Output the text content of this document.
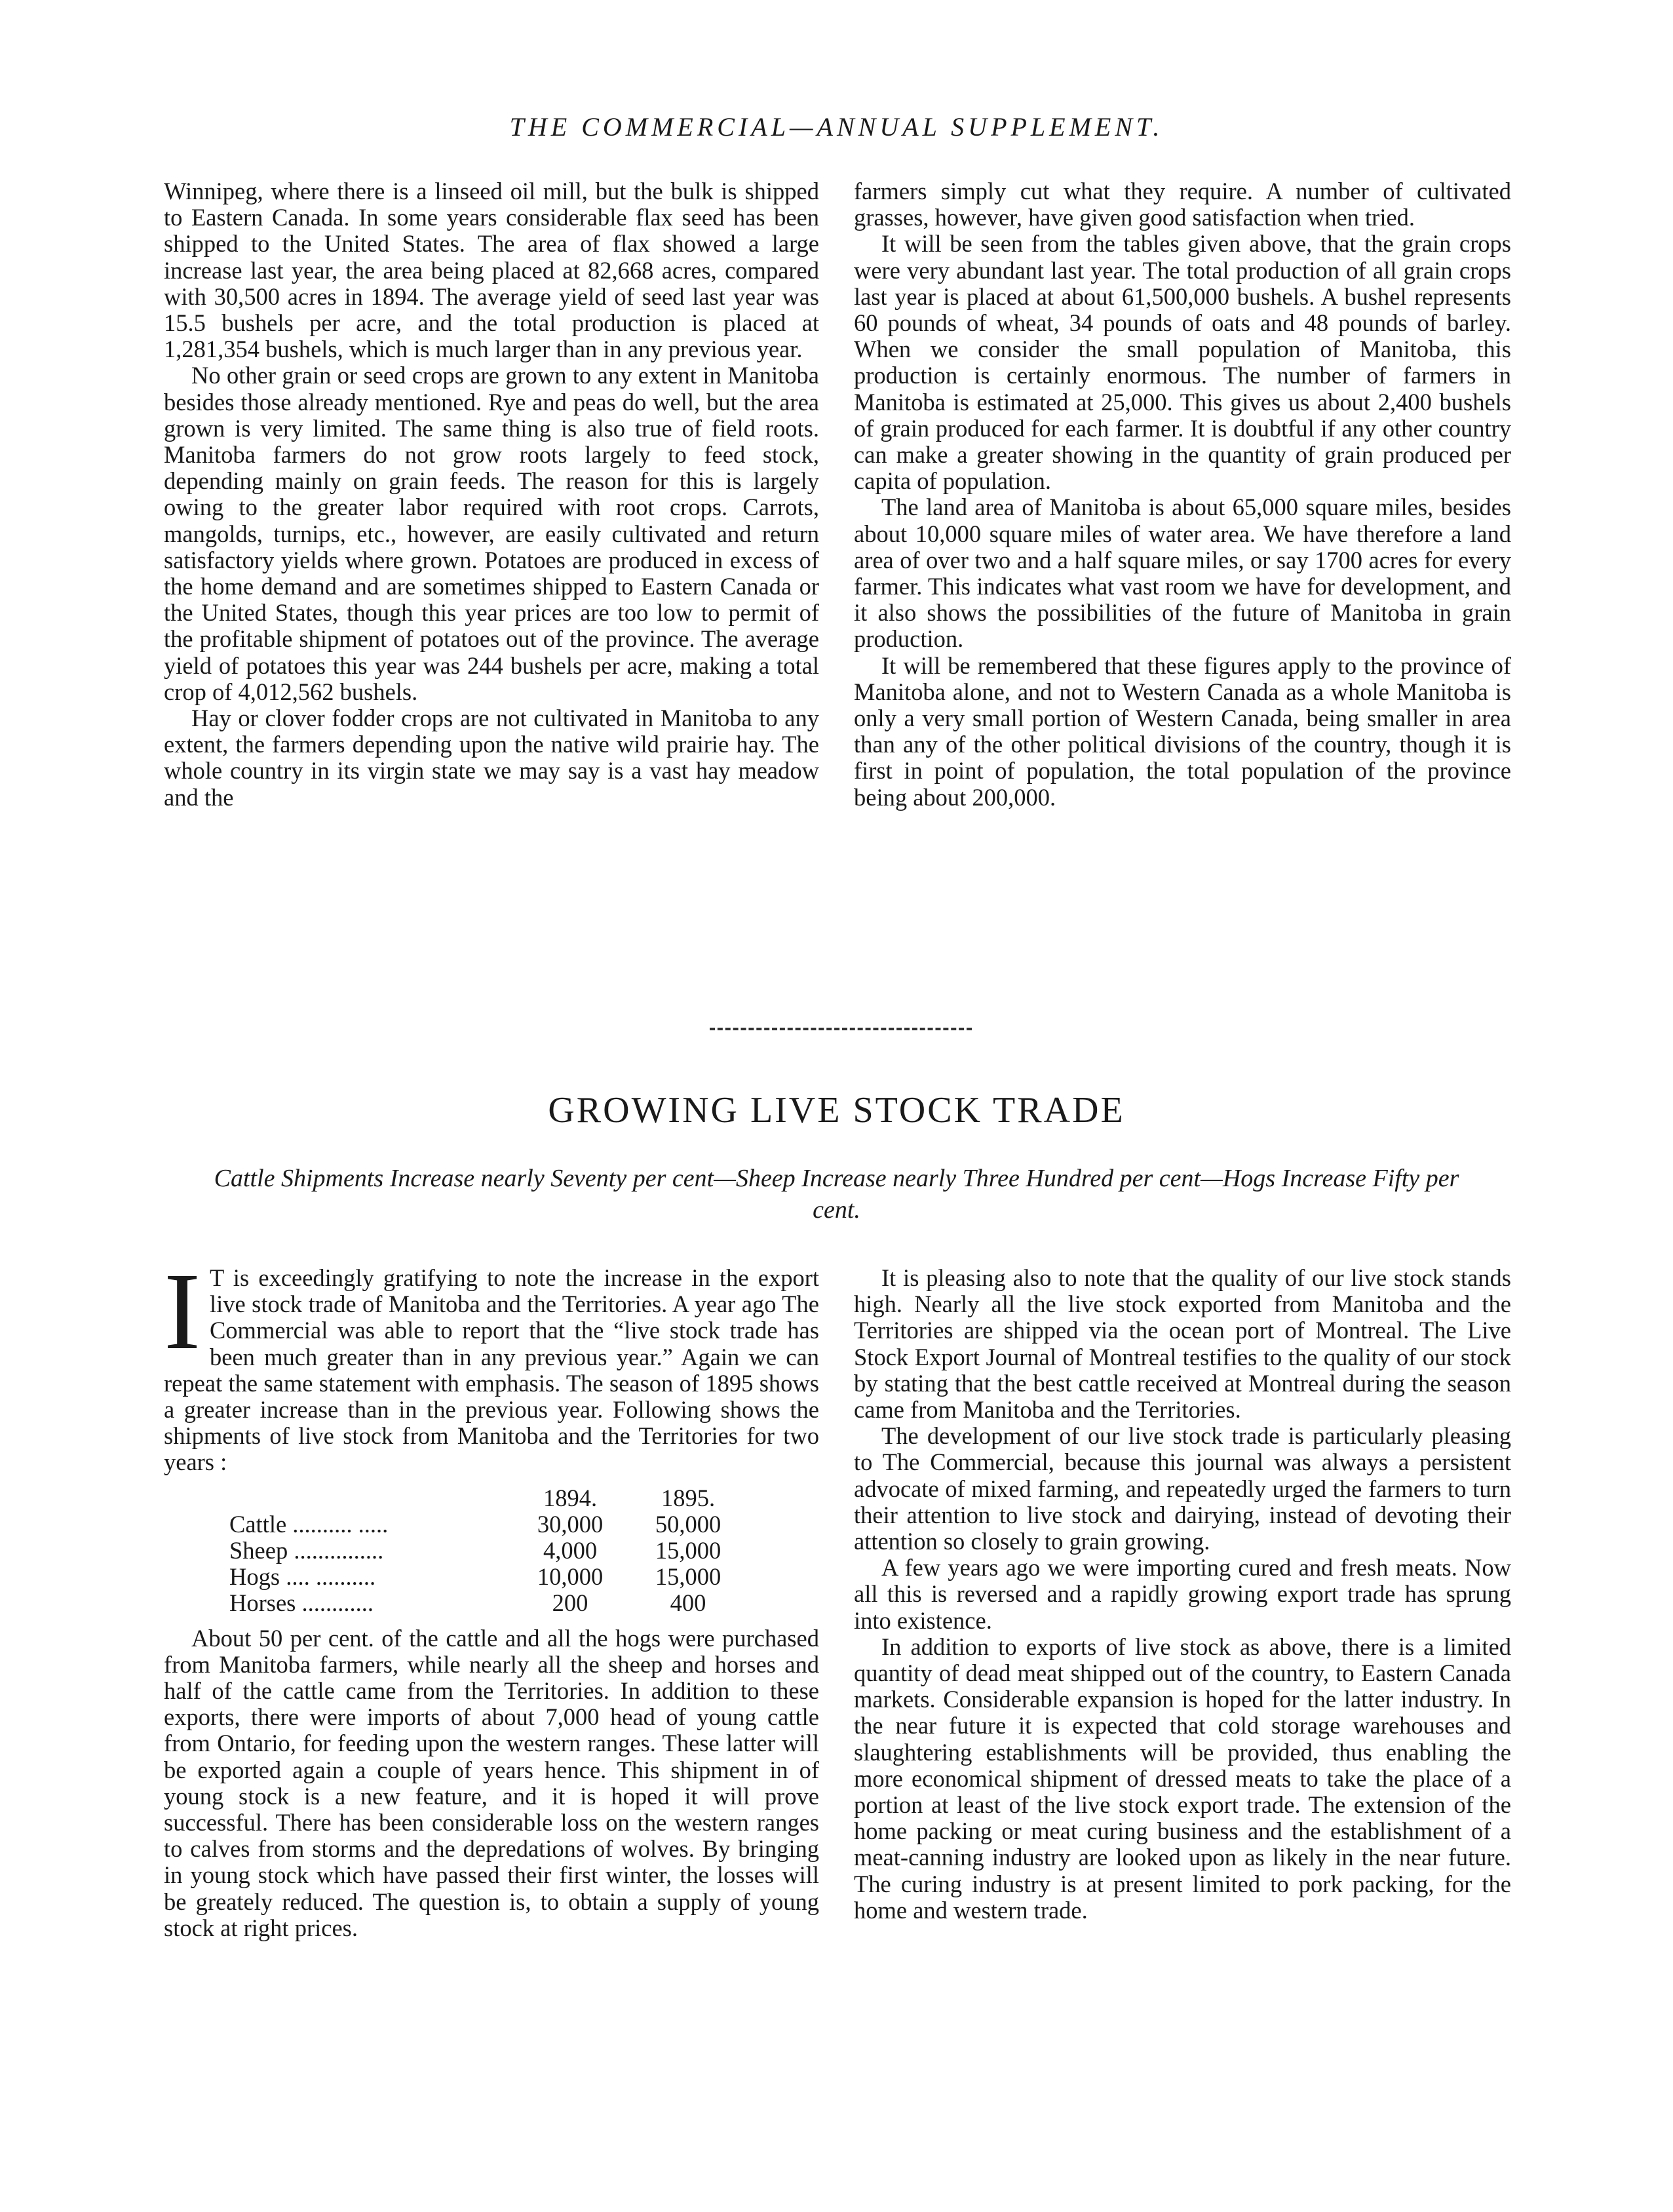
THE COMMERCIAL—ANNUAL SUPPLEMENT.

Winnipeg, where there is a linseed oil mill, but the bulk is shipped to Eastern Canada. In some years considerable flax seed has been shipped to the United States. The area of flax showed a large increase last year, the area being placed at 82,668 acres, compared with 30,500 acres in 1894. The average yield of seed last year was 15.5 bushels per acre, and the total production is placed at 1,281,354 bushels, which is much larger than in any previous year.

No other grain or seed crops are grown to any extent in Manitoba besides those already mentioned. Rye and peas do well, but the area grown is very limited. The same thing is also true of field roots. Manitoba farmers do not grow roots largely to feed stock, depending mainly on grain feeds. The reason for this is largely owing to the greater labor required with root crops. Carrots, mangolds, turnips, etc., however, are easily cultivated and return satisfactory yields where grown. Potatoes are produced in excess of the home demand and are sometimes shipped to Eastern Canada or the United States, though this year prices are too low to permit of the profitable shipment of potatoes out of the province. The average yield of potatoes this year was 244 bushels per acre, making a total crop of 4,012,562 bushels.

Hay or clover fodder crops are not cultivated in Manitoba to any extent, the farmers depending upon the native wild prairie hay. The whole country in its virgin state we may say is a vast hay meadow and the

farmers simply cut what they require. A number of cultivated grasses, however, have given good satisfaction when tried.

It will be seen from the tables given above, that the grain crops were very abundant last year. The total production of all grain crops last year is placed at about 61,500,000 bushels. A bushel represents 60 pounds of wheat, 34 pounds of oats and 48 pounds of barley. When we consider the small population of Manitoba, this production is certainly enormous. The number of farmers in Manitoba is estimated at 25,000. This gives us about 2,400 bushels of grain produced for each farmer. It is doubtful if any other country can make a greater showing in the quantity of grain produced per capita of population.

The land area of Manitoba is about 65,000 square miles, besides about 10,000 square miles of water area. We have therefore a land area of over two and a half square miles, or say 1700 acres for every farmer. This indicates what vast room we have for development, and it also shows the possibilities of the future of Manitoba in grain production.

It will be remembered that these figures apply to the province of Manitoba alone, and not to Western Canada as a whole Manitoba is only a very small portion of Western Canada, being smaller in area than any of the other political divisions of the country, though it is first in point of population, the total population of the province being about 200,000.

GROWING LIVE STOCK TRADE
Cattle Shipments Increase nearly Seventy per cent—Sheep Increase nearly Three Hundred per cent—Hogs Increase Fifty per cent.

I T is exceedingly gratifying to note the increase in the export live stock trade of Manitoba and the Territories. A year ago The Commercial was able to report that the “live stock trade has been much greater than in any previous year.” Again we can repeat the same statement with emphasis. The season of 1895 shows a greater increase than in the previous year. Following shows the shipments of live stock from Manitoba and the Territories for two years :

	1894.	1895.
Cattle .......... .....	30,000	50,000
Sheep ...............	4,000	15,000
Hogs .... ..........	10,000	15,000
Horses ............	200	400

About 50 per cent. of the cattle and all the hogs were purchased from Manitoba farmers, while nearly all the sheep and horses and half of the cattle came from the Territories. In addition to these exports, there were imports of about 7,000 head of young cattle from Ontario, for feeding upon the western ranges. These latter will be exported again a couple of years hence. This shipment in of young stock is a new feature, and it is hoped it will prove successful. There has been considerable loss on the western ranges to calves from storms and the depredations of wolves. By bringing in young stock which have passed their first winter, the losses will be greately reduced. The question is, to obtain a supply of young stock at right prices.

It is pleasing also to note that the quality of our live stock stands high. Nearly all the live stock exported from Manitoba and the Territories are shipped via the ocean port of Montreal. The Live Stock Export Journal of Montreal testifies to the quality of our stock by stating that the best cattle received at Montreal during the season came from Manitoba and the Territories.

The development of our live stock trade is particularly pleasing to The Commercial, because this journal was always a persistent advocate of mixed farming, and repeatedly urged the farmers to turn their attention to live stock and dairying, instead of devoting their attention so closely to grain growing.

A few years ago we were importing cured and fresh meats. Now all this is reversed and a rapidly growing export trade has sprung into existence.

In addition to exports of live stock as above, there is a limited quantity of dead meat shipped out of the country, to Eastern Canada markets. Considerable expansion is hoped for the latter industry. In the near future it is expected that cold storage warehouses and slaughtering establishments will be provided, thus enabling the more economical shipment of dressed meats to take the place of a portion at least of the live stock export trade. The extension of the home packing or meat curing business and the establishment of a meat-canning industry are looked upon as likely in the near future. The curing industry is at present limited to pork packing, for the home and western trade.
